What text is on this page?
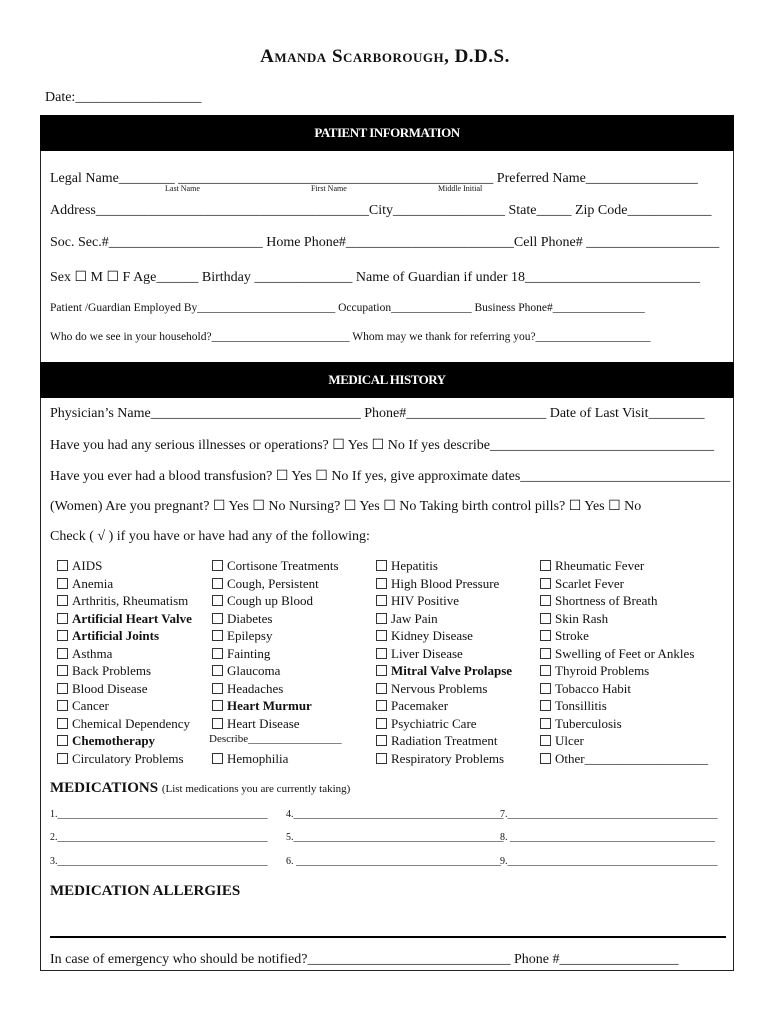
Amanda Scarborough, D.D.S.
Date:__________________
PATIENT INFORMATION
Legal Name________ _____________________________________________ Preferred Name________________
Last Name	First Name	Middle Initial
Address_______________________________________City________________ State_____ Zip Code____________
Soc. Sec.#______________________ Home Phone#________________________Cell Phone# ___________________
Sex ☐ M ☐ F Age______ Birthday ______________ Name of Guardian if under 18_________________________
Patient /Guardian Employed By________________________ Occupation______________ Business Phone#________________
Who do we see in your household?________________________ Whom may we thank for referring you?____________________
MEDICAL HISTORY
Physician’s Name______________________________ Phone#____________________ Date of Last Visit________
Have you had any serious illnesses or operations? ☐ Yes ☐ No If yes describe________________________________
Have you ever had a blood transfusion? ☐ Yes ☐ No If yes, give approximate dates______________________________
(Women) Are you pregnant? ☐ Yes ☐ No Nursing? ☐ Yes ☐ No Taking birth control pills? ☐ Yes ☐ No
Check ( √ ) if you have or have had any of the following:
AIDS
Anemia
Arthritis, Rheumatism
Artificial Heart Valve
Artificial Joints
Asthma
Back Problems
Blood Disease
Cancer
Chemical Dependency
Chemotherapy
Circulatory Problems
Cortisone Treatments
Cough, Persistent
Cough up Blood
Diabetes
Epilepsy
Fainting
Glaucoma
Headaches
Heart Murmur
Heart Disease
Describe_________________
Hemophilia
Hepatitis
High Blood Pressure
HIV Positive
Jaw Pain
Kidney Disease
Liver Disease
Mitral Valve Prolapse
Nervous Problems
Pacemaker
Psychiatric Care
Radiation Treatment
Respiratory Problems
Rheumatic Fever
Scarlet Fever
Shortness of Breath
Skin Rash
Stroke
Swelling of Feet or Ankles
Thyroid Problems
Tobacco Habit
Tonsillitis
Tuberculosis
Ulcer
Other___________________
MEDICATIONS (List medications you are currently taking)
1.__________________________________________ 4.__________________________________________
7.__________________________________________
2.__________________________________________ 5.__________________________________________
8. _________________________________________
3.__________________________________________ 6. _________________________________________ 9.__________________________________________
MEDICATION ALLERGIES
In case of emergency who should be notified?_____________________________ Phone #_________________
